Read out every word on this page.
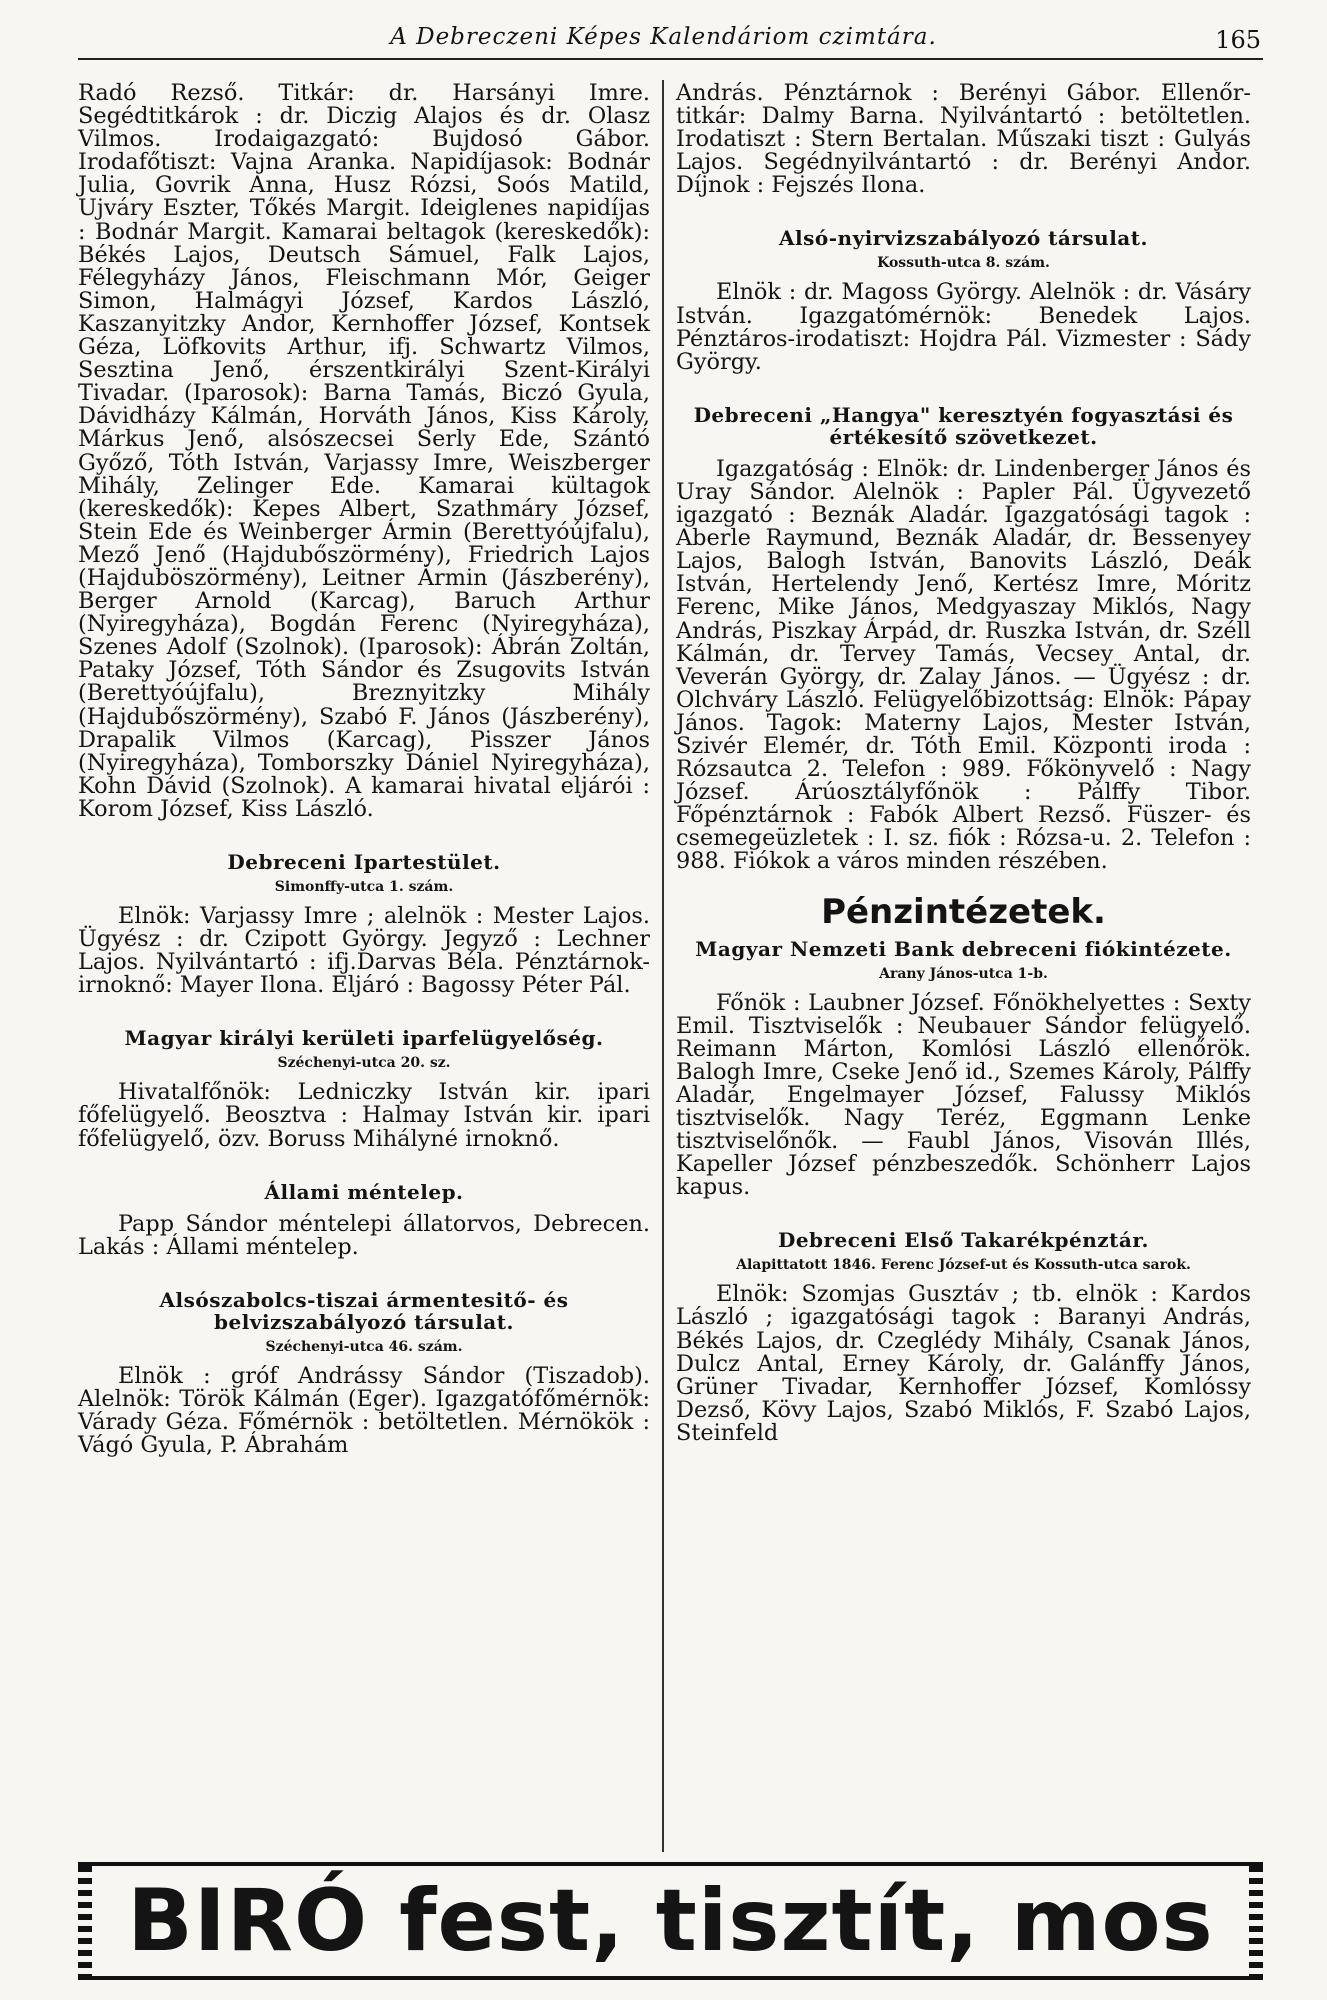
A Debreczeni Képes Kalendáriom czimtára.	165

Radó Rezső. Titkár: dr. Harsányi Imre. Segédtitkárok : dr. Diczig Alajos és dr. Olasz Vilmos. Irodaigazgató: Bujdosó Gábor. Irodafőtiszt: Vajna Aranka. Napidíjasok: Bodnár Julia, Govrik Anna, Husz Rózsi, Soós Matild, Ujváry Eszter, Tőkés Margit. Ideiglenes napidíjas : Bodnár Margit. Kamarai beltagok (kereskedők): Békés Lajos, Deutsch Sámuel, Falk Lajos, Félegyházy János, Fleischmann Mór, Geiger Simon, Halmágyi József, Kardos László, Kaszanyitzky Andor, Kernhoffer József, Kontsek Géza, Löfkovits Arthur, ifj. Schwartz Vilmos, Sesztina Jenő, érszentkirályi Szent-Királyi Tivadar. (Iparosok): Barna Tamás, Biczó Gyula, Dávidházy Kálmán, Horváth János, Kiss Károly, Márkus Jenő, alsószecsei Serly Ede, Szántó Győző, Tóth István, Varjassy Imre, Weiszberger Mihály, Zelinger Ede. Kamarai kültagok (kereskedők): Kepes Albert, Szathmáry József, Stein Ede és Weinberger Ármin (Berettyóújfalu), Mező Jenő (Hajdubőszörmény), Friedrich Lajos (Hajduböszörmény), Leitner Ármin (Jászberény), Berger Arnold (Karcag), Baruch Arthur (Nyiregyháza), Bogdán Ferenc (Nyiregyháza), Szenes Adolf (Szolnok). (Iparosok): Ábrán Zoltán, Pataky József, Tóth Sándor és Zsugovits István (Berettyóújfalu), Breznyitzky Mihály (Hajdubőszörmény), Szabó F. János (Jászberény), Drapalik Vilmos (Karcag), Pisszer János (Nyiregyháza), Tomborszky Dániel Nyiregyháza), Kohn Dávid (Szolnok). A kamarai hivatal eljárói : Korom József, Kiss László.

Debreceni Ipartestület.
Simonffy-utca 1. szám.

Elnök: Varjassy Imre ; alelnök : Mester Lajos. Ügyész : dr. Czipott György. Jegyző : Lechner Lajos. Nyilvántartó : ifj.Darvas Béla. Pénztárnok-irnoknő: Mayer Ilona. Eljáró : Bagossy Péter Pál.

Magyar királyi kerületi iparfelügyelőség.
Széchenyi-utca 20. sz.

Hivatalfőnök: Ledniczky István kir. ipari főfelügyelő. Beosztva : Halmay István kir. ipari főfelügyelő, özv. Boruss Mihályné irnoknő.

Állami méntelep.

Papp Sándor méntelepi állatorvos, Debrecen. Lakás : Állami méntelep.

Alsószabolcs-tiszai ármentesitő- és belvizszabályozó társulat.
Széchenyi-utca 46. szám.

Elnök : gróf Andrássy Sándor (Tiszadob). Alelnök: Török Kálmán (Eger). Igazgatófőmérnök: Várady Géza. Főmérnök : betöltetlen. Mérnökök : Vágó Gyula, P. Ábrahám

András. Pénztárnok : Berényi Gábor. Ellenőr-titkár: Dalmy Barna. Nyilvántartó : betöltetlen. Irodatiszt : Stern Bertalan. Műszaki tiszt : Gulyás Lajos. Segédnyilvántartó : dr. Berényi Andor. Díjnok : Fejszés Ilona.

Alsó-nyirvizszabályozó társulat.
Kossuth-utca 8. szám.

Elnök : dr. Magoss György. Alelnök : dr. Vásáry István. Igazgatómérnök: Benedek Lajos. Pénztáros-irodatiszt: Hojdra Pál. Vizmester : Sády György.

Debreceni „Hangya" keresztyén fogyasztási és értékesítő szövetkezet.

Igazgatóság : Elnök: dr. Lindenberger János és Uray Sándor. Alelnök : Papler Pál. Ügyvezető igazgató : Beznák Aladár. Igazgatósági tagok : Aberle Raymund, Beznák Aladár, dr. Bessenyey Lajos, Balogh István, Banovits László, Deák István, Hertelendy Jenő, Kertész Imre, Móritz Ferenc, Mike János, Medgyaszay Miklós, Nagy András, Piszkay Árpád, dr. Ruszka István, dr. Széll Kálmán, dr. Tervey Tamás, Vecsey Antal, dr. Veverán György, dr. Zalay János. — Ügyész : dr. Olchváry László. Felügyelőbizottság: Elnök: Pápay János. Tagok: Materny Lajos, Mester István, Szivér Elemér, dr. Tóth Emil. Központi iroda : Rózsautca 2. Telefon : 989. Főkönyvelő : Nagy József. Árúosztályfőnök : Pálffy Tibor. Főpénztárnok : Fabók Albert Rezső. Füszer- és csemegeüzletek : I. sz. fiók : Rózsa-u. 2. Telefon : 988. Fiókok a város minden részében.

Pénzintézetek.
Magyar Nemzeti Bank debreceni fiókintézete.
Arany János-utca 1-b.

Főnök : Laubner József. Főnökhelyettes : Sexty Emil. Tisztviselők : Neubauer Sándor felügyelő. Reimann Márton, Komlósi László ellenőrök. Balogh Imre, Cseke Jenő id., Szemes Károly, Pálffy Aladár, Engelmayer József, Falussy Miklós tisztviselők. Nagy Teréz, Eggmann Lenke tisztviselőnők. — Faubl János, Visován Illés, Kapeller József pénzbeszedők. Schönherr Lajos kapus.

Debreceni Első Takarékpénztár.
Alapittatott 1846. Ferenc József-ut és Kossuth-utca sarok.

Elnök: Szomjas Gusztáv ; tb. elnök : Kardos László ; igazgatósági tagok : Baranyi András, Békés Lajos, dr. Czeglédy Mihály, Csanak János, Dulcz Antal, Erney Károly, dr. Galánffy János, Grüner Tivadar, Kernhoffer József, Komlóssy Dezső, Kövy Lajos, Szabó Miklós, F. Szabó Lajos, Steinfeld

BIRÓ fest, tisztít, mos
